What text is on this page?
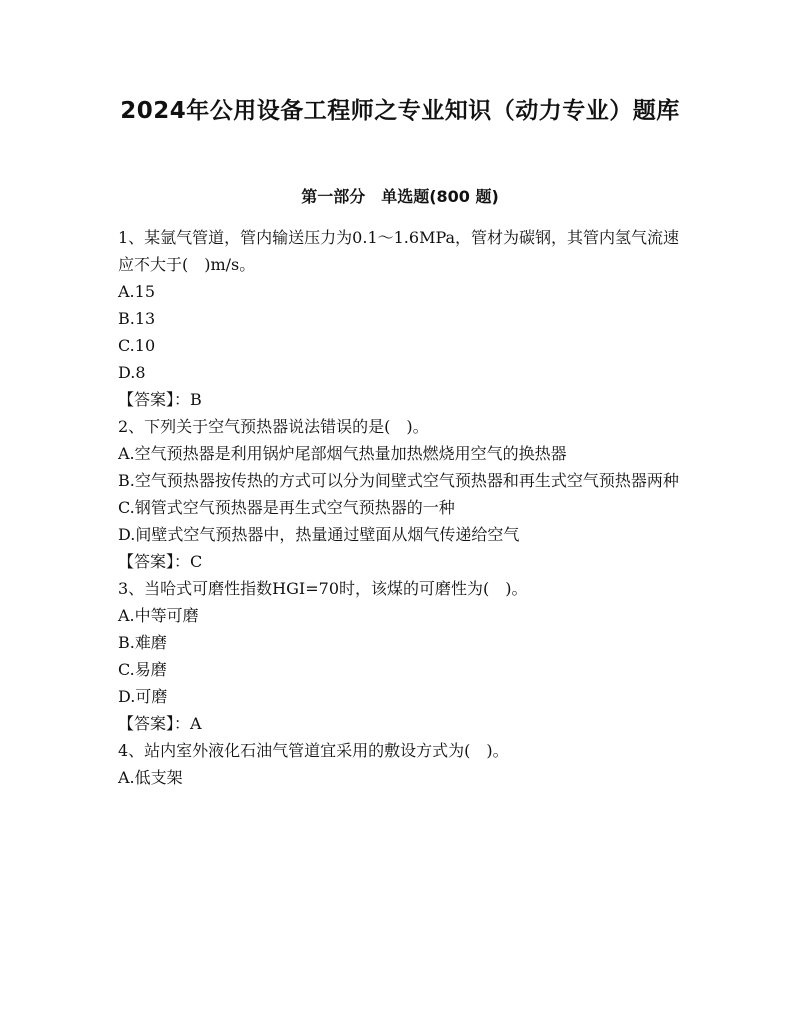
2024年公用设备工程师之专业知识（动力专业）题库
第一部分　单选题(800 题)
1、某氩气管道，管内输送压力为0.1～1.6MPa，管材为碳钢，其管内氢气流速应不大于(　)m/s。
A.15
B.13
C.10
D.8
【答案】：B
2、下列关于空气预热器说法错误的是(　)。
A.空气预热器是利用锅炉尾部烟气热量加热燃烧用空气的换热器
B.空气预热器按传热的方式可以分为间壁式空气预热器和再生式空气预热器两种
C.钢管式空气预热器是再生式空气预热器的一种
D.间壁式空气预热器中，热量通过壁面从烟气传递给空气
【答案】：C
3、当哈式可磨性指数HGI=70时，该煤的可磨性为(　)。
A.中等可磨
B.难磨
C.易磨
D.可磨
【答案】：A
4、站内室外液化石油气管道宜采用的敷设方式为(　)。
A.低支架
